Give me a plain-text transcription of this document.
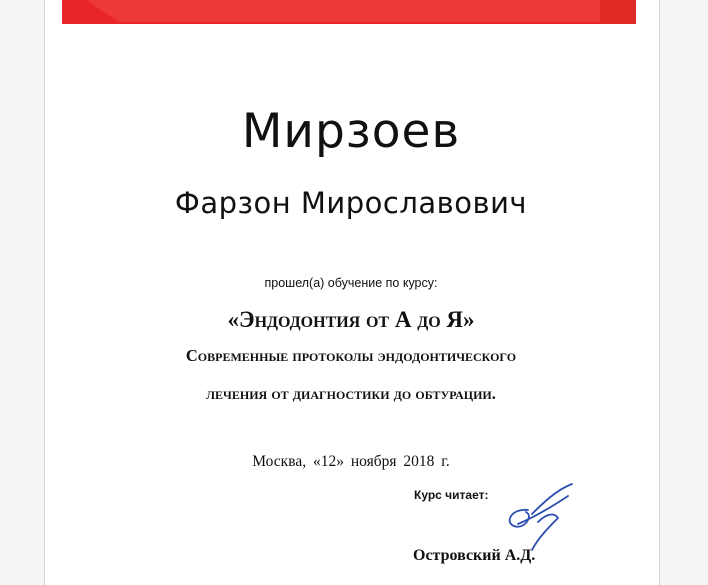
Мирзоев
Фарзон Мирославович
прошел(а) обучение по курсу:
«Эндодонтия от А до Я»
Современные протоколы эндодонтического
лечения от диагностики до обтурации.
Москва, «12» ноября 2018 г.
Курс читает:
Островский А.Д.
